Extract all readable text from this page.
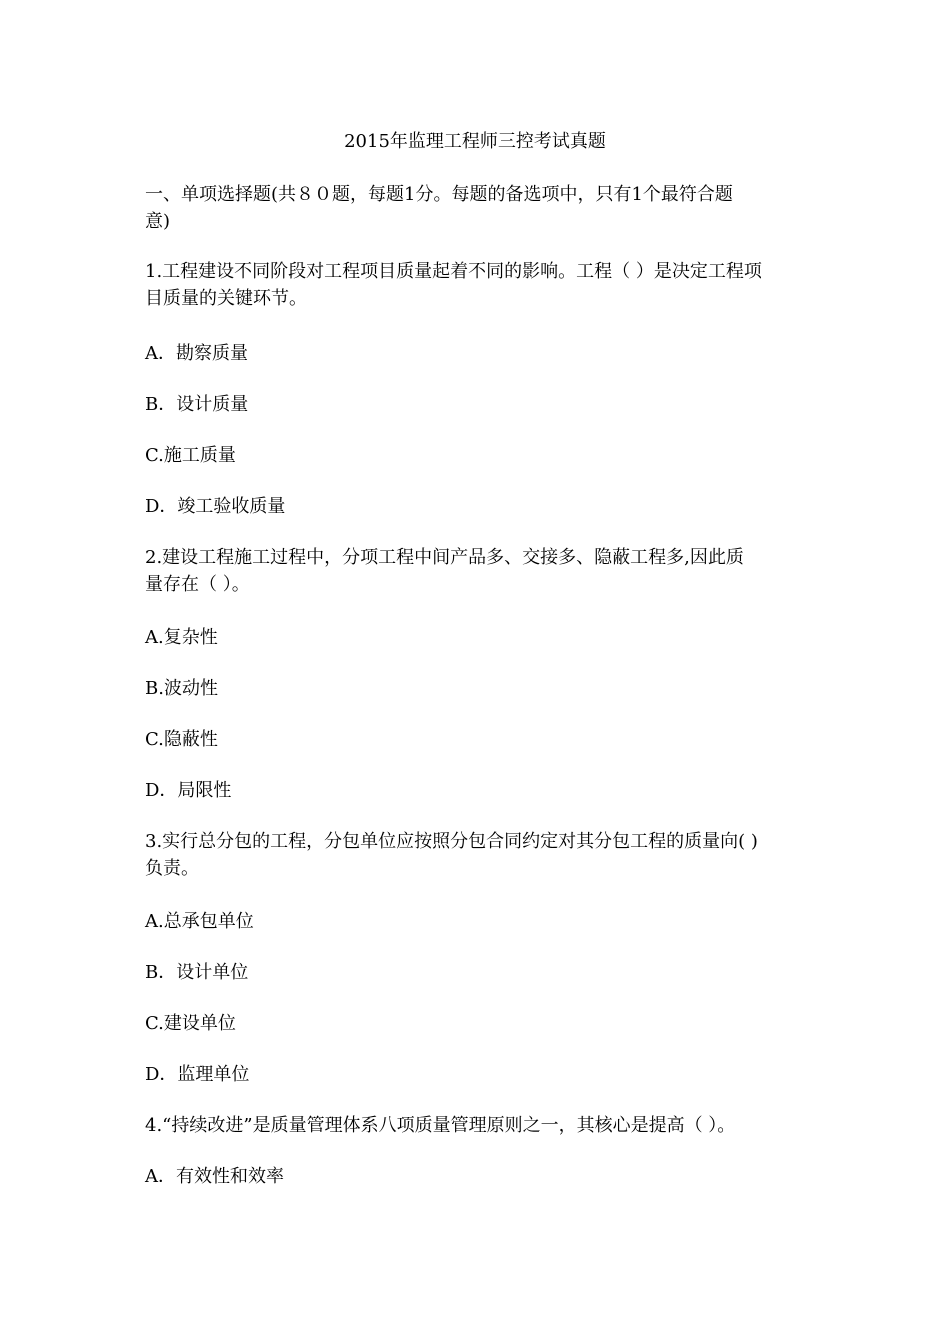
2015年监理工程师三控考试真题
一、单项选择题(共８０题，每题1分。每题的备选项中，只有1个最符合题
意)
1.工程建设不同阶段对工程项目质量起着不同的影响。工程（ ）是决定工程项
目质量的关键环节。
A．勘察质量
B．设计质量
C.施工质量
D．竣工验收质量
2.建设工程施工过程中，分项工程中间产品多、交接多、隐蔽工程多,因此质
量存在（ ）。
A.复杂性
B.波动性
C.隐蔽性
D．局限性
3.实行总分包的工程，分包单位应按照分包合同约定对其分包工程的质量向( )
负责。
A.总承包单位
B．设计单位
C.建设单位
D．监理单位
4.“持续改进”是质量管理体系八项质量管理原则之一，其核心是提高（ ）。
A．有效性和效率
